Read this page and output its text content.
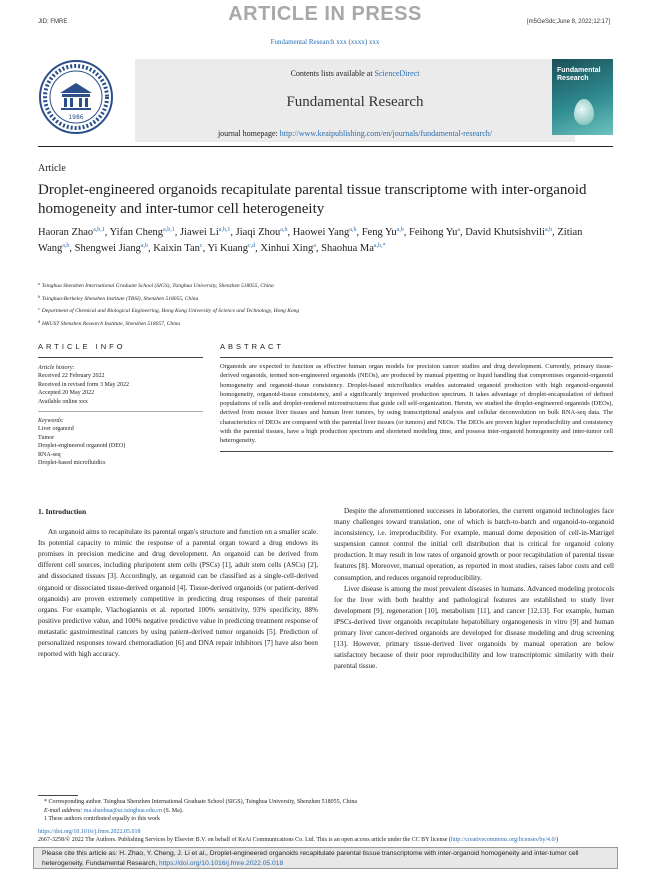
ARTICLE IN PRESS
JID: FMRE	[m5GeSdc;June 8, 2022;12:17]
Fundamental Research xxx (xxxx) xxx
1986
Contents lists available at ScienceDirect
Fundamental Research
journal homepage: http://www.keaipublishing.com/en/journals/fundamental-research/
Fundamental Research
Article
Droplet-engineered organoids recapitulate parental tissue transcriptome with inter-organoid homogeneity and inter-tumor cell heterogeneity
Haoran Zhao$^{a,b,1}$, Yifan Cheng$^{a,b,1}$, Jiawei Li$^{a,b,1}$, Jiaqi Zhou$^{a,b}$, Haowei Yang$^{a,b}$, Feng Yu$^{a,b}$, Feihong Yu$^a$, David Khutsishvili$^{a,b}$, Zitian Wang$^{a,b}$, Shengwei Jiang$^{a,b}$, Kaixin Tan$^c$, Yi Kuang$^{c,d}$, Xinhui Xing$^a$, Shaohua $Ma^{a,b,*}$
$^a$ Tsinghua Shenzhen International Graduate School (SIGS), Tsinghua University, Shenzhen 518055, China
$^b$ Tsinghua-Berkeley Shenzhen Institute (TBSI), Shenzhen 518055, China
$^c$ Department of Chemical and Biological Engineering, Hong Kong University of Science and Technology, Hong Kong
$^d$ HKUST Shenzhen Research Institute, Shenzhen 518057, China
ARTICLE INFO
Article history:
Received 22 February 2022
Received in revised form 3 May 2022
Accepted 20 May 2022
Available online xxx
Keywords:
Liver organoid
Tumor
Droplet-engineered organoid (DEO)
RNA-seq
Droplet-based microfluidics
ABSTRACT

Organoids are expected to function as effective human organ models for precision cancer studies and drug development. Currently, primary tissue-derived organoids, termed non-engineered organoids (NEOs), are produced by manual pipetting or liquid handling that compromises organoid-organoid homogeneity and organoid-tissue consistency. Droplet-based microfluidics enables automated organoid production with high organoid-organoid homogeneity, organoid-tissue consistency, and a significantly improved production spectrum. It takes advantage of droplet-encapsulation of defined populations of cells and droplet-rendered microstructures that guide cell self-organization. Herein, we studied the droplet-engineered organoids (DEOs), derived from mouse liver tissues and human liver tumors, by using transcriptional analysis and cellular deconvolution on bulk RNA-seq data. The characteristics of DEOs are compared with the parental liver tissues (or tumors) and NEOs. The DEOs are proven higher reproducibility and consistency with the parental tissues, have a high production spectrum and shortened modeling time, and possess inter-organoid homogeneity and inter-tumor cell heterogeneity.

1. Introduction

An organoid aims to recapitulate its parental organ's structure and function on a smaller scale. Its potential capacity to mimic the response of a parental organ toward a drug endows its promises in precision medicine and drug development. An organoid can be derived from different cell sources, including pluripotent stem cells (PSCs) [1], adult stem cells (ASCs) [2], and dissociated tissues [3]. Accordingly, an organoid can be classified as a single-cell-derived organoid or dissociated tissue-derived organoid [4]. Tissue-derived organoids (or patient-derived organoids) are proven extremely competitive in predicting drug responses of their parental organs. For example, Vlachogiannis et al. reported 100% sensitivity, 93% specificity, 88% positive predictive value, and 100% negative predictive value in predicting treatment response of metastatic gastrointestinal cancers by using patient-derived tumor organoids [5]. Prediction of personalized responses toward chemoradiation [6] and DNA repair inhibitors [7] have also been reported with high accuracy.

Despite the aforementioned successes in laboratories, the current organoid technologies face many challenges toward translation, one of which is batch-to-batch and organoid-to-organoid inconsistency, i.e. irreproducibility. For example, manual dome deposition of cell-in-Matrigel suspension cannot control the initial cell distribution that is critical for organoid colony production. It may result in low rates of organoid growth or poor recapitulation of parental tissue features [8]. Moreover, manual operation, as reported in most studies, raises labor costs and cell consumption, and reduces organoid reproducibility.

Liver disease is among the most prevalent diseases in humans. Advanced modeling protocols for the liver with both healthy and pathological features are established to study liver development [9], regeneration [10], metabolism [11], and cancer [12,13]. For example, human iPSCs-derived liver organoids recapitulate hepatobiliary organogenesis in vitro [9] and human primary liver cancer-derived organoids are developed for disease modeling and drug screening [13]. However, primary tissue-derived liver organoids by manual operation are below satisfactory because of their poor reproducibility and low transcriptomic similarity with their parental tissue.

* Corresponding author. Tsinghua Shenzhen International Graduate School (SIGS), Tsinghua University, Shenzhen 518055, China
E-mail address: ma.shaohua@sz.tsinghua.edu.cn (S. Ma).
1 These authors contributed equally to this work
https://doi.org/10.1016/j.fmre.2022.05.018
2667-3258/© 2022 The Authors. Publishing Services by Elsevier B.V. on behalf of KeAi Communications Co. Ltd. This is an open access article under the CC BY license (http://creativecommons.org/licenses/by/4.0/)
Please cite this article as: H. Zhao, Y. Cheng, J. Li et al., Droplet-engineered organoids recapitulate parental tissue transcriptome with inter-organoid homogeneity and inter-tumor cell heterogeneity, Fundamental Research, https://doi.org/10.1016/j.fmre.2022.05.018
